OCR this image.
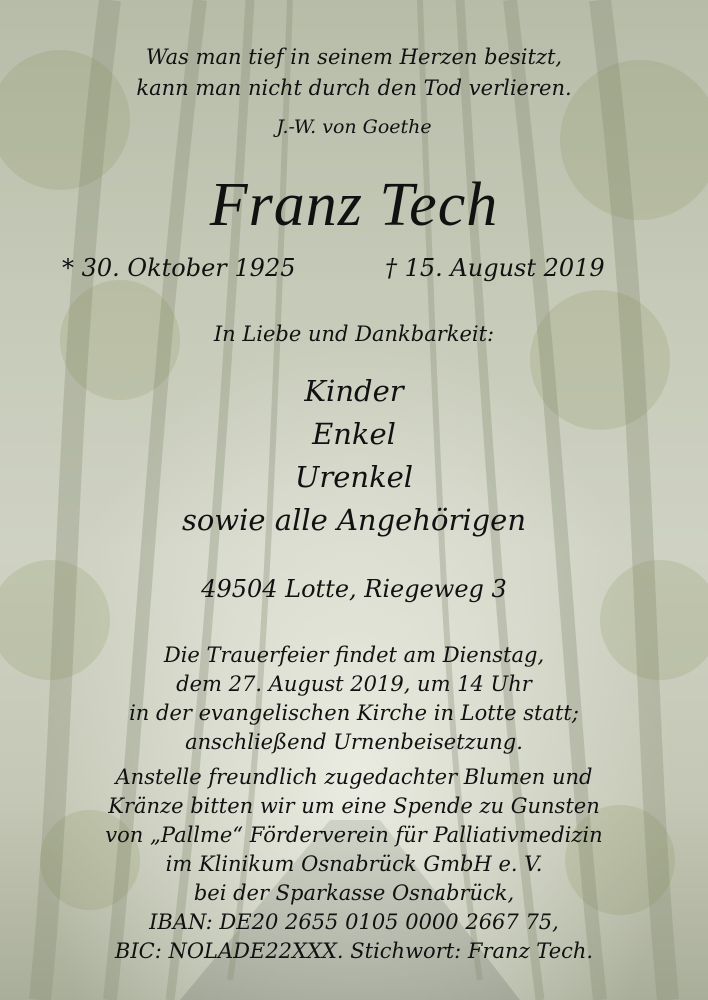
Was man tief in seinem Herzen besitzt,
kann man nicht durch den Tod verlieren.
J.-W. von Goethe
Franz Tech
* 30. Oktober 1925	† 15. August 2019
In Liebe und Dankbarkeit:
Kinder
Enkel
Urenkel
sowie alle Angehörigen
49504 Lotte, Riegeweg 3
Die Trauerfeier findet am Dienstag,
dem 27. August 2019, um 14 Uhr
in der evangelischen Kirche in Lotte statt;
anschließend Urnenbeisetzung.
Anstelle freundlich zugedachter Blumen und
Kränze bitten wir um eine Spende zu Gunsten
von „Pallme“ Förderverein für Palliativmedizin
im Klinikum Osnabrück GmbH e. V.
bei der Sparkasse Osnabrück,
IBAN: DE20 2655 0105 0000 2667 75,
BIC: NOLADE22XXX. Stichwort: Franz Tech.
